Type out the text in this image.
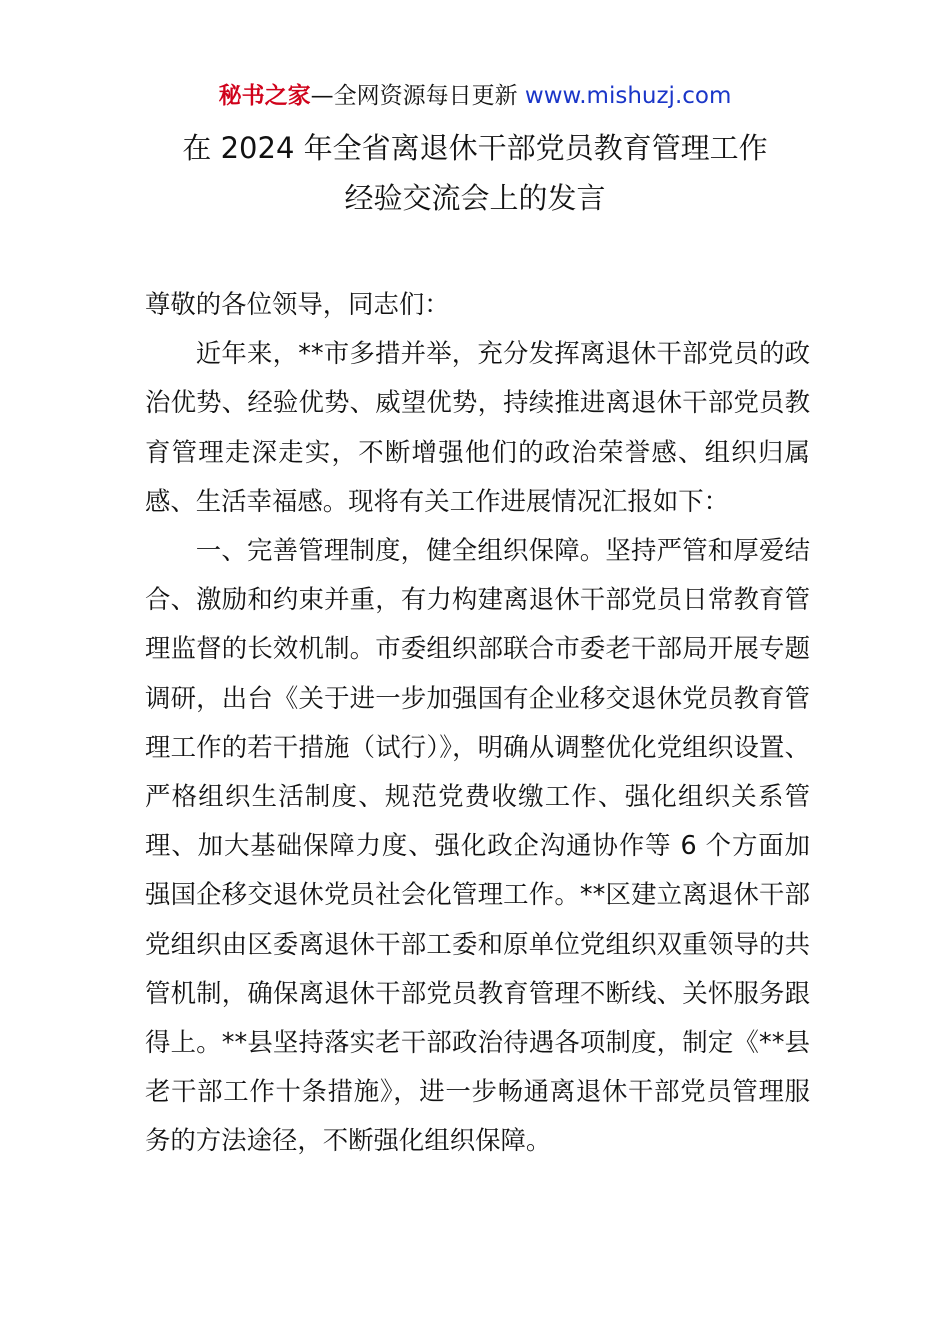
秘书之家—全网资源每日更新 www.mishuzj.com
在 2024 年全省离退休干部党员教育管理工作
经验交流会上的发言

尊敬的各位领导，同志们：

近年来，**市多措并举，充分发挥离退休干部党员的政治优势、经验优势、威望优势，持续推进离退休干部党员教育管理走深走实，不断增强他们的政治荣誉感、组织归属感、生活幸福感。现将有关工作进展情况汇报如下：

一、完善管理制度，健全组织保障。坚持严管和厚爱结合、激励和约束并重，有力构建离退休干部党员日常教育管理监督的长效机制。市委组织部联合市委老干部局开展专题调研，出台《关于进一步加强国有企业移交退休党员教育管理工作的若干措施（试行）》，明确从调整优化党组织设置、严格组织生活制度、规范党费收缴工作、强化组织关系管理、加大基础保障力度、强化政企沟通协作等 6 个方面加强国企移交退休党员社会化管理工作。**区建立离退休干部党组织由区委离退休干部工委和原单位党组织双重领导的共管机制，确保离退休干部党员教育管理不断线、关怀服务跟得上。**县坚持落实老干部政治待遇各项制度，制定《**县老干部工作十条措施》，进一步畅通离退休干部党员管理服务的方法途径，不断强化组织保障。
